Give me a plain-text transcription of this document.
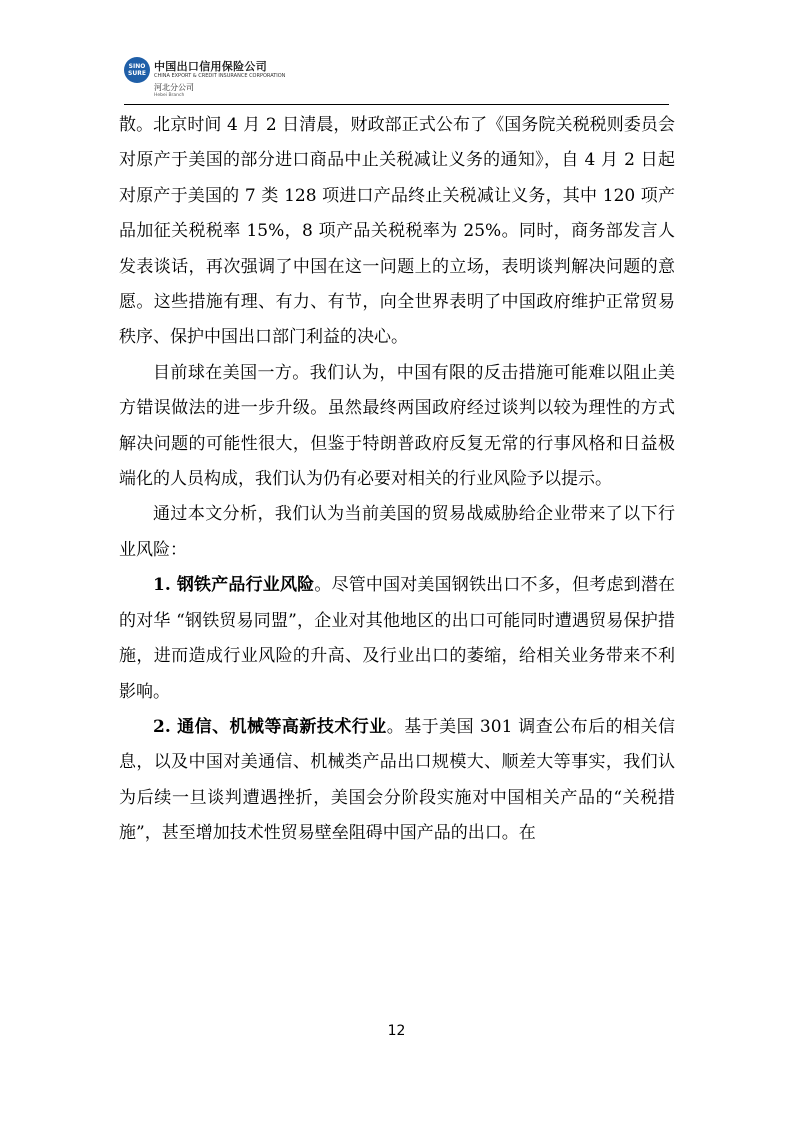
SINO SURE
中国出口信用保险公司
CHINA EXPORT & CREDIT INSURANCE CORPORATION
河北分公司
Hebei Branch

散。北京时间 4 月 2 日清晨，财政部正式公布了《国务院关税税则委员会对原产于美国的部分进口商品中止关税减让义务的通知》，自 4 月 2 日起对原产于美国的 7 类 128 项进口产品终止关税减让义务，其中 120 项产品加征关税税率 15%，8 项产品关税税率为 25%。同时，商务部发言人发表谈话，再次强调了中国在这一问题上的立场，表明谈判解决问题的意愿。这些措施有理、有力、有节，向全世界表明了中国政府维护正常贸易秩序、保护中国出口部门利益的决心。

目前球在美国一方。我们认为，中国有限的反击措施可能难以阻止美方错误做法的进一步升级。虽然最终两国政府经过谈判以较为理性的方式解决问题的可能性很大，但鉴于特朗普政府反复无常的行事风格和日益极端化的人员构成，我们认为仍有必要对相关的行业风险予以提示。

通过本文分析，我们认为当前美国的贸易战威胁给企业带来了以下行业风险：

1. 钢铁产品行业风险。尽管中国对美国钢铁出口不多，但考虑到潜在的对华 “钢铁贸易同盟”，企业对其他地区的出口可能同时遭遇贸易保护措施，进而造成行业风险的升高、及行业出口的萎缩，给相关业务带来不利影响。

2. 通信、机械等高新技术行业。基于美国 301 调查公布后的相关信息，以及中国对美通信、机械类产品出口规模大、顺差大等事实，我们认为后续一旦谈判遭遇挫折，美国会分阶段实施对中国相关产品的“关税措施”，甚至增加技术性贸易壁垒阻碍中国产品的出口。在

12
